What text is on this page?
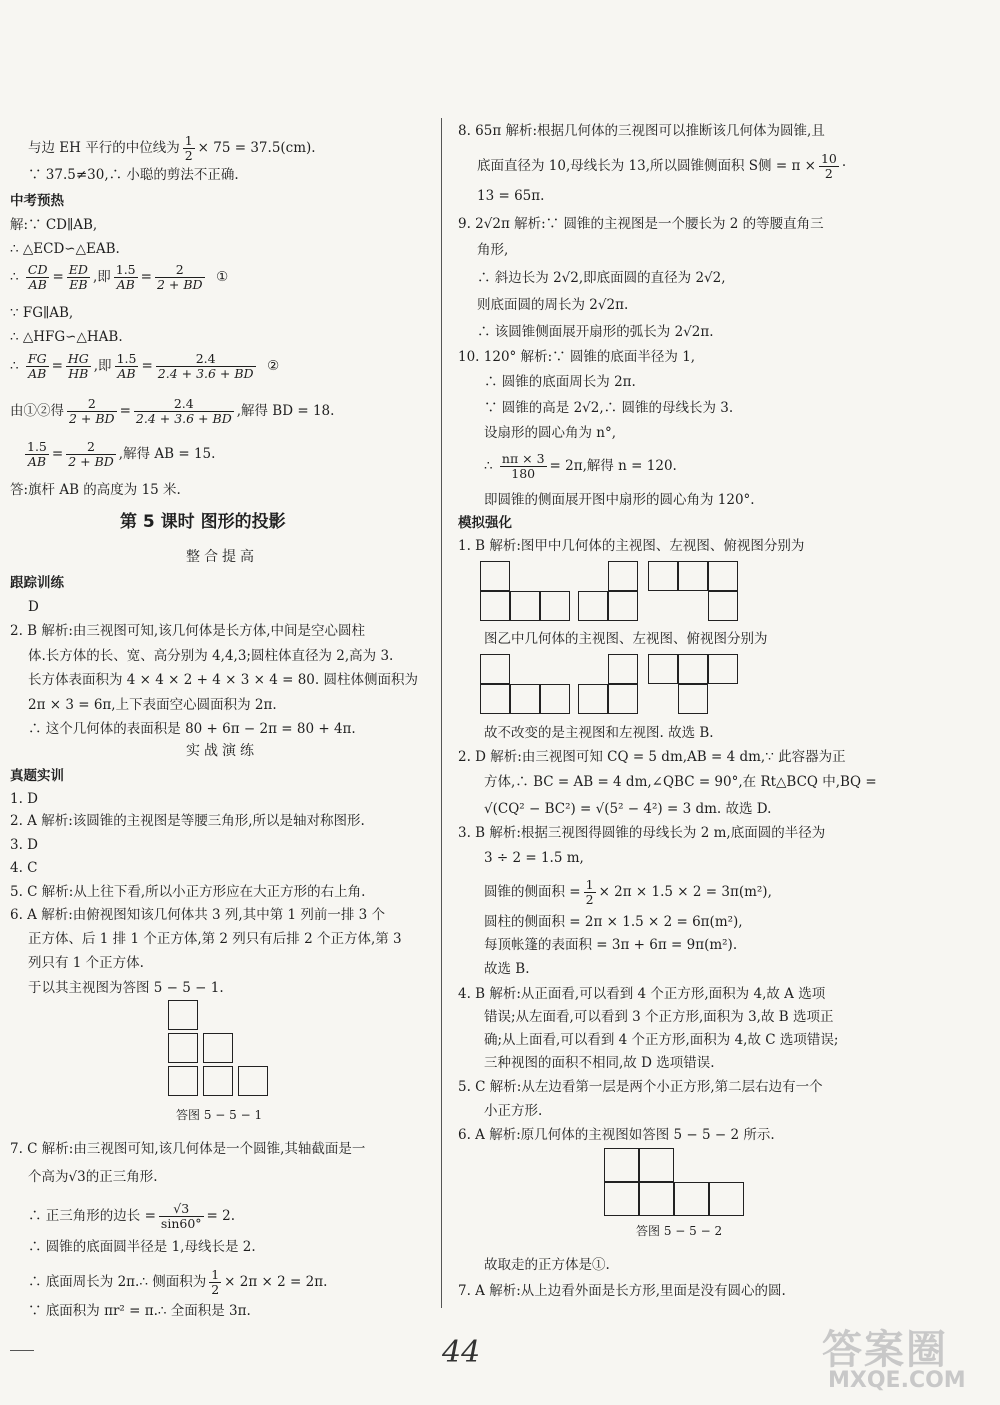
与边 EH 平行的中位线为 $\frac{1}{2} \times 75 = 37.5(cm)$.
∵ 37.5≠30,∴ 小聪的剪法不正确.
中考预热
解:∵ CD∥AB,
∴ △ECD∽△EAB.
∴ $\frac{CD}{AB} = \frac{ED}{EB}$ ,即 $\frac{1.5}{AB} = \frac{2}{2 + BD}$ ①
∵ FG∥AB,
∴ △HFG∽△HAB.
∴ $\frac{FG}{AB} = \frac{HG}{HB}$ ,即 $\frac{1.5}{AB} = \frac{2.4}{2.4 + 3.6 + BD}$ ②
由①②得 $\frac{2}{2 + BD} = \frac{2.4}{2.4 + 3.6 + BD}$ ,解得 BD = 18.
$\frac{1.5}{AB} = \frac{2}{2 + BD}$ ,解得 AB = 15.
答:旗杆 AB 的高度为 15 米.
第 5 课时 图形的投影
整合提高
跟踪训练
D
2. B 解析:由三视图可知,该几何体是长方体,中间是空心圆柱
体.长方体的长、宽、高分别为 4,4,3;圆柱体直径为 2,高为 3.
长方体表面积为 4 × 4 × 2 + 4 × 3 × 4 = 80. 圆柱体侧面积为
2π × 3 = 6π,上下表面空心圆面积为 2π.
∴ 这个几何体的表面积是 80 + 6π − 2π = 80 + 4π.
实战演练
真题实训
1. D
2. A 解析:该圆锥的主视图是等腰三角形,所以是轴对称图形.
3. D
4. C
5. C 解析:从上往下看,所以小正方形应在大正方形的右上角.
6. A 解析:由俯视图知该几何体共 3 列,其中第 1 列前一排 3 个
正方体、后 1 排 1 个正方体,第 2 列只有后排 2 个正方体,第 3
列只有 1 个正方体.
于以其主视图为答图 5 − 5 − 1.
答图 5 − 5 − 1
7. C 解析:由三视图可知,该几何体是一个圆锥,其轴截面是一
个高为√3的正三角形.
∴ 正三角形的边长 = $\frac{√3}{\sin 60^\circ} = 2$.
∴ 圆锥的底面圆半径是 1,母线长是 2.
∴ 底面周长为 2π.∴ 侧面积为 $\frac{1}{2} \times 2\pi \times 2 = 2\pi$.
∵ 底面积为 πr² = π.∴ 全面积是 3π.
8. 65π 解析:根据几何体的三视图可以推断该几何体为圆锥,且
底面直径为 10,母线长为 13,所以圆锥侧面积 S侧 = $\pi \times \frac{10}{2}$ ·
13 = 65π.
9. 2√2π 解析:∵ 圆锥的主视图是一个腰长为 2 的等腰直角三
角形,
∴ 斜边长为 2√2,即底面圆的直径为 2√2,
则底面圆的周长为 2√2π.
∴ 该圆锥侧面展开扇形的弧长为 2√2π.
10. 120° 解析:∵ 圆锥的底面半径为 1,
∴ 圆锥的底面周长为 2π.
∵ 圆锥的高是 2√2,∴ 圆锥的母线长为 3.
设扇形的圆心角为 n°,
∴ $\frac{n\pi \times 3}{180} = 2\pi$,解得 n = 120.
即圆锥的侧面展开图中扇形的圆心角为 120°.
模拟强化
1. B 解析:图甲中几何体的主视图、左视图、俯视图分别为
图乙中几何体的主视图、左视图、俯视图分别为
故不改变的是主视图和左视图. 故选 B.
2. D 解析:由三视图可知 CQ = 5 dm,AB = 4 dm,∵ 此容器为正
方体,∴ BC = AB = 4 dm,∠QBC = 90°,在 Rt△BCQ 中,BQ =
√(CQ² − BC²) = √(5² − 4²) = 3 dm. 故选 D.
3. B 解析:根据三视图得圆锥的母线长为 2 m,底面圆的半径为
3 ÷ 2 = 1.5 m,
圆锥的侧面积 = $\frac{1}{2} \times 2\pi \times 1.5 \times 2 = 3\pi(m^2)$,
圆柱的侧面积 = 2π × 1.5 × 2 = 6π(m²),
每顶帐篷的表面积 = 3π + 6π = 9π(m²).
故选 B.
4. B 解析:从正面看,可以看到 4 个正方形,面积为 4,故 A 选项
错误;从左面看,可以看到 3 个正方形,面积为 3,故 B 选项正
确;从上面看,可以看到 4 个正方形,面积为 4,故 C 选项错误;
三种视图的面积不相同,故 D 选项错误.
5. C 解析:从左边看第一层是两个小正方形,第二层右边有一个
小正方形.
6. A 解析:原几何体的主视图如答图 5 − 5 − 2 所示.
答图 5 − 5 − 2
故取走的正方体是①.
7. A 解析:从上边看外面是长方形,里面是没有圆心的圆.
44	答案圈
MXQE.COM
